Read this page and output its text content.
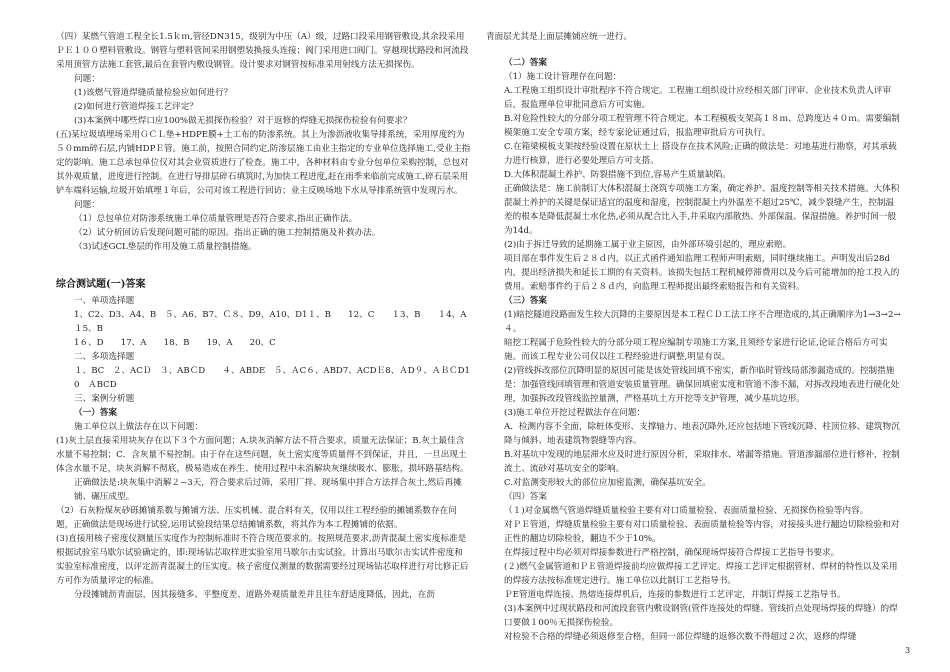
（四）某燃气管道工程全长1.5ｋｍ,管径DN315，级别为中压（A）级，过路口段采用钢管敷设,其余段采用ＰＥ１００塑料管敷设。钢管与塑料管间采用钢塑装换接头连接；阀门采用进口阀门。穿越现状路段和河流段采用顶管方法施工套管,最后在套管内敷设钢管。设计要求对钢管按标准采用射线方法无损探伤。
问题：
(1)该燃气管道焊缝质量检验应如何进行？
(2)如何进行管道焊接工艺评定？
(3)本案例中哪些焊口应100%做无损探伤检验？对于返修的焊缝无损探伤检验有何要求？
(五)某垃圾填埋场采用ＧＣＬ垫+HDPE膜+土工布的防渗系统。其上为渗沥液收集导排系统，采用厚度约为５０mm碎石层,内铺HDPＥ管。施工前，按照合同约定,防渗层施工由业主指定的专业单位选择施工,受业主指定的影响。施工总承包单位仅对其会业资质进行了检查。施工中，各种材料由专业分包单位采购控制，总包对其外观质量，进度进行控制。在进行导排层碎石填筑时,为加快工程进度,赶在雨季来临前完成施工,碎石层采用铲车端料运输,垃圾开始填埋１年后，公司对该工程进行回访；业主反映场地下水从导排系统管中发现污水。
问题：
（1）总包单位对防渗系统施工单位质量管理是否符合要求,指出正确作法。
（2）试分析回访后发现问题可能的原因。指出正确的施工控制措施及补救办法。
（3)试述GCL垫层的作用及施工质量控制措施。
综合测试题(一)答案
一、单项选择题
1、C2、D3、A4、B　５、A6、B7、Ｃ８、D9、A10、D1１、B　　12、C　　１3、B　　１4、A　　１5、B
1６、D　　17、A　　18、B　　19、A　　20、C
二、多项选择题
１、BC　２、ACＤ　３、ABＣD　　４、ABDE　５、ＡC６、ABD7、ACDＥ8、ＡD９、ＡＢＣD10　ＡBCD
三、案例分析题
（一）答案
施工单位以上做法存在以下问题：
(1)灰土层直接采用块灰存在以下３个方面问题；A.块灰消解方法不符合要求，质量无法保证；B.灰土最佳含水量不易控制；C．含灰量不易控制。由于存在这些问题，灰土密实度等质量得不到保证，并且，一旦出现土体含水量不足，块灰消解不彻底，极易造成在养生、使用过程中未消解块灰继续吸水、膨胀，损坏路基结构。
正确做法是:块灰集中消解２~3天，符合要求后过筛，采用厂拌、现场集中拌合方法拌合灰土,然后再摊铺、碾压成型。
（2）石灰粉煤灰砂砾摊铺系数与摊铺方法、压实机械、混合料有关，仅用以往工程经验的摊铺系数存在问题，正确做法是现场进行试验,运用试验段结果总结摊铺系数，将其作为本工程摊铺的依据。
(3)直接用核子密度仪测量压实度作为控制标准时不符合规范要求的。按照规范要求,沥青混凝土密实度标准是根据试验室马歇尔试验确定的，即:现场钻芯取样进实验室用马歇尔击实试验。计算出马歇尔击实试件密度和实验室标准密度，以评定沥青混凝土的压实度。核子密度仪测量的数据需要经过现场钻芯取样进行对比修正后方可作为质量评定的标准。
分段摊铺沥青面层，因其接缝多、平整度差、道路外观质量差并且往车舒适度降低，因此，在沥
青面层尤其是上面层摊铺应统一进行。
（二）答案
（1）施工设计管理存在问题：
A.工程施工组织设计审批程序不符合规定。工程施工组织设计应经相关部门评审、企业技术负责人评审后，报监理单位审批同意后方可实施。
B.对危险性较大的分部分项工程管理不符合规定。本工程模板支架高１８ｍ、总跨度达４０ｍ。需要编制模架施工安全专项方案，经专家论证通过后，报监理审批后方可执行。
C.在箱梁模板支架按经验设置在原状土上 搭设存在技术风险;正确的做法是：对地基进行勘察，对其承载力进行核算，进行必要处理后方可支搭。
D.大体积混凝土养护、防裂措施不到位,容易产生质量缺陷。
正确做法是：施工前制订大体积混凝土浇筑专项施工方案，确定养护、温度控制等相关技术措施。大体积混凝土养护的关键是保证适宜的温度和湿度，控制混凝土内外温差不超过25℃，减少裂缝产生，控制温差的根本是降低混凝土水化热,必须从配合比入手,并采取内部散热、外部保温、保湿措施。养护时间一般为14d。
(2)由于拆迁导致的延期施工属于业主原因，由外部环境引起的，理应索赔。
项目部在事件发生后２８ｄ内，以正式函件通知监理工程师声明索赔，同时继续施工。声明发出后28d内，提出经济损失和延长工期的有关资料。该损失包括工程机械停滞费用以及今后可能增加的抢工投入的费用。索赔事件约于后２８ｄ内，向监理工程师提出最终索赔报告和有关资料。
（三）答案
(1)暗挖隧道段路面发生较大沉降的主要原因是本工程ＣＤ工法工序不合理造成的,其正确顺序为1→3→2→４。
暗挖工程属于危险性较大的分部分项工程应编制专项施工方案,且须经专家进行论证,论证合格后方可实施。而该工程专业公司仅以往工程经验进行调整,明显有误。
(2)管线拆改部位沉降明显的原因可能是该处管线回填不密实，新作临时管线局部渗漏造成的。控制措施是：加强管线回填管理和管道安装质量管理。确保回填密实度和管道不渗不漏，对拆改段地表进行硬化处理，加强拆改段管线监控量测，严格基坑土方开挖等支护管理，减少基坑边形。
(3)施工单位开挖过程做法存在问题：
A．检测内容不全面，除桩体变形、支撑轴力、地表沉降外,还应包括地下管线沉降、柱顶位移、建筑物沉降与倾斜、地表建筑物裂缝等内容。
B.对基坑中发现的地层滞水应及时进行原因分析，采取排水、堵漏等措施。管道渗漏部位进行修补，控制流土、流砂对基坑安全的影响。
C.对监测变形较大的部位应加密监测，确保基坑安全。
（四）答案
（１)对金属燃气管道焊缝质量检验主要有对口质量检验、表面质量检验、无损探伤检验等内容。
对ＰＥ管道，焊缝质量检验主要有对口质量检验、表面质量检验等内容，对接接头进行翻边切除检验和对正性的翻边切除检验，翻边不少于10%。
在焊接过程中均必须对焊接参数进行严格控制，确保现场焊接符合焊接工艺指导书要求。
(２)燃气金属管道和ＰＥ管道焊接前均应做焊接工艺评定。焊接工艺评定根据管材、焊材的特性以及采用的焊接方法按标准规定进行。施工单位以此制订工艺指导书。
ＰE管道电焊连接、热熔连接焊机后，连接的参数进行工艺评定，并制订焊接工艺指导书。
(3)本案例中过现状路段和河流段套管内敷设钢管(管件连接处的焊缝、管线折点处现场焊接的焊缝）的焊口要做１00％无损探伤检验。
对检验不合格的焊缝必须返修至合格，但同一部位焊缝的返修次数不得超过２次，返修的焊缝
3
